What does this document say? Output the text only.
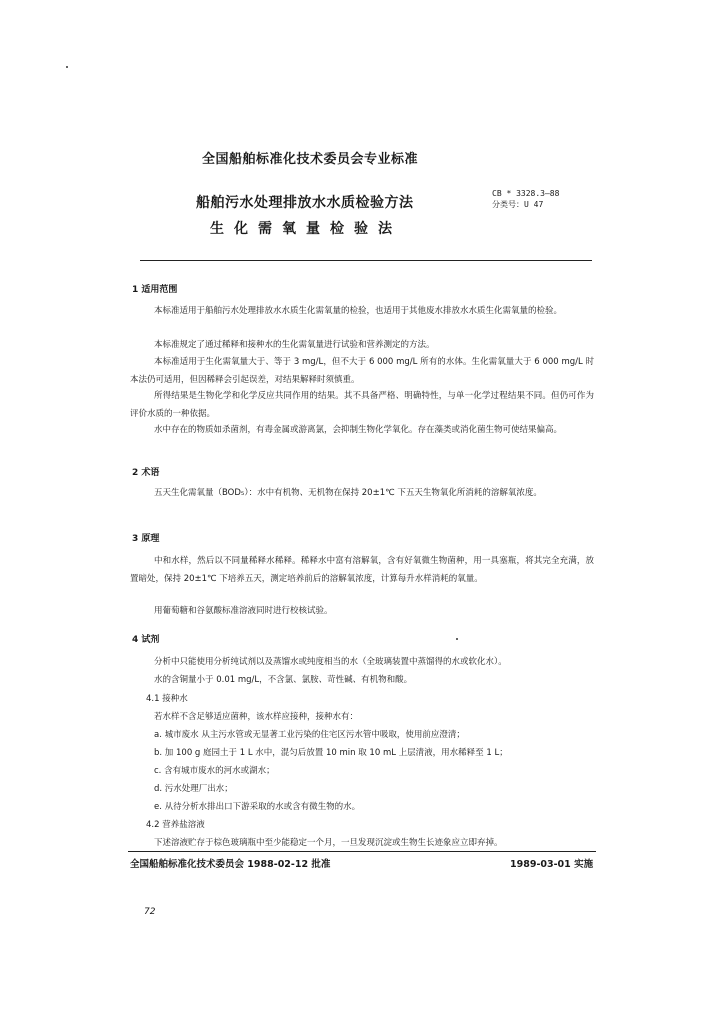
全国船舶标准化技术委员会专业标准
船舶污水处理排放水水质检验方法
生化需氧量检验法
CB * 3328.3—88
分类号：U 47
1 适用范围
本标准适用于船舶污水处理排放水水质生化需氧量的检验，也适用于其他废水排放水水质生化需氧量的检验。
本标准规定了通过稀释和接种水的生化需氧量进行试验和营养测定的方法。
本标准适用于生化需氧量大于、等于 3 mg/L，但不大于 6 000 mg/L 所有的水体。生化需氧量大于 6 000 mg/L 时本法仍可适用，但因稀释会引起误差，对结果解释时须慎重。
所得结果是生物化学和化学反应共同作用的结果。其不具备严格、明确特性，与单一化学过程结果不同。但仍可作为评价水质的一种依据。
水中存在的物质如杀菌剂，有毒金属或游离氯，会抑制生物化学氧化。存在藻类或消化菌生物可使结果偏高。
2 术语
五天生化需氧量（BOD₅）：水中有机物、无机物在保持 20±1℃ 下五天生物氧化所消耗的溶解氧浓度。
3 原理
中和水样，然后以不同量稀释水稀释。稀释水中富有溶解氧，含有好氧微生物菌种，用一具塞瓶，将其完全充满，放置暗处，保持 20±1℃ 下培养五天，测定培养前后的溶解氧浓度，计算每升水样消耗的氧量。
用葡萄糖和谷氨酸标准溶液同时进行校核试验。
4 试剂
分析中只能使用分析纯试剂以及蒸馏水或纯度相当的水（全玻璃装置中蒸馏得的水或软化水）。
水的含铜量小于 0.01 mg/L，不含氯、氯胺、苛性碱、有机物和酸。
4.1 接种水
若水样不含足够适应菌种，该水样应接种，接种水有：
a. 城市废水 从主污水管或无显著工业污染的住宅区污水管中吸取，使用前应澄清；
b. 加 100 g 庭园土于 1 L 水中，混匀后放置 10 min 取 10 mL 上层清液，用水稀释至 1 L；
c. 含有城市废水的河水或湖水；
d. 污水处理厂出水；
e. 从待分析水排出口下游采取的水或含有微生物的水。
4.2 营养盐溶液
下述溶液贮存于棕色玻璃瓶中至少能稳定一个月，一旦发现沉淀或生物生长迹象应立即弃掉。
全国船舶标准化技术委员会 1988-02-12 批准	1989-03-01 实施
72
